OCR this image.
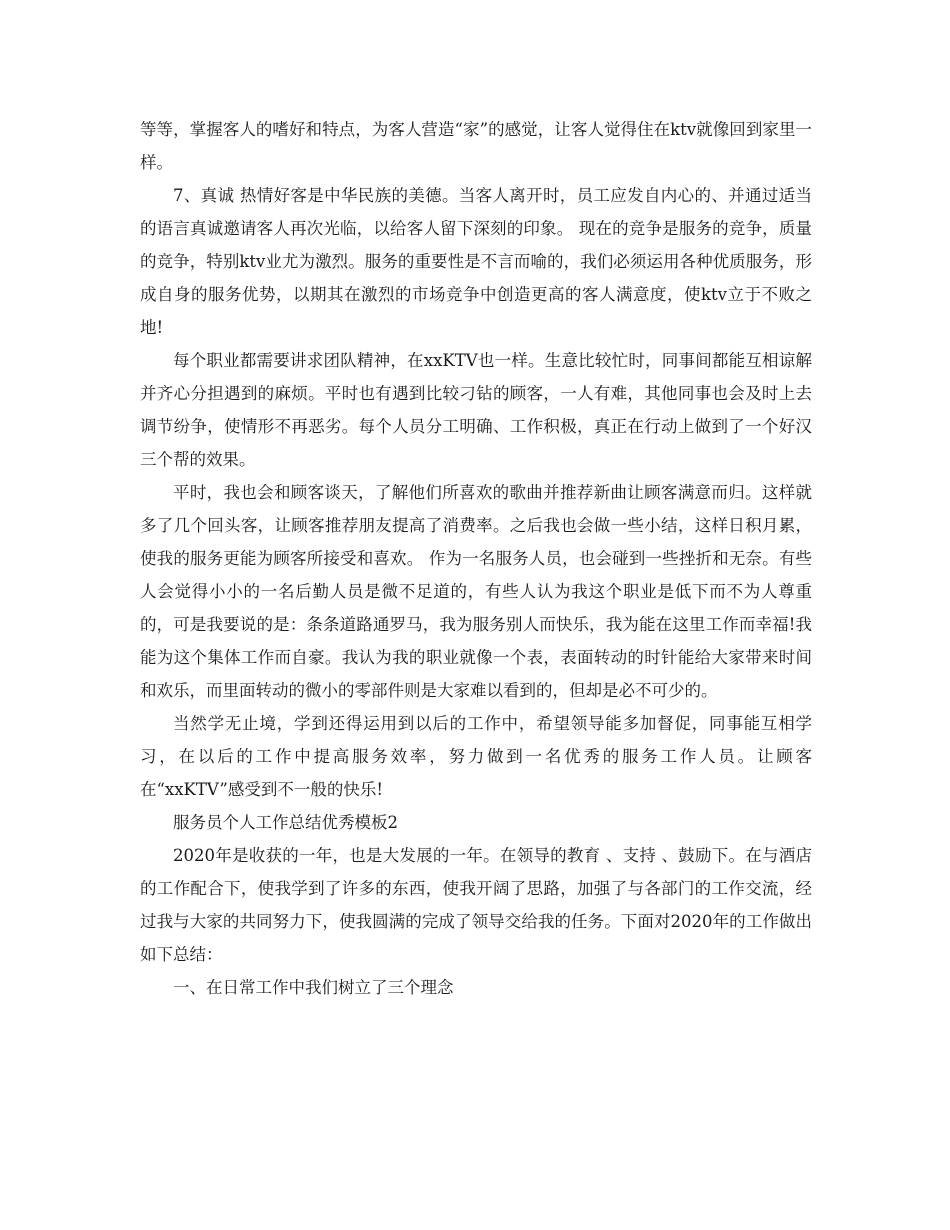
等等，掌握客人的嗜好和特点，为客人营造“家”的感觉，让客人觉得住在ktv就像回到家里一样。

7、真诚 热情好客是中华民族的美德。当客人离开时，员工应发自内心的、并通过适当的语言真诚邀请客人再次光临，以给客人留下深刻的印象。 现在的竞争是服务的竞争，质量的竞争，特别ktv业尤为激烈。服务的重要性是不言而喻的，我们必须运用各种优质服务，形成自身的服务优势，以期其在激烈的市场竞争中创造更高的客人满意度，使ktv立于不败之地!

每个职业都需要讲求团队精神，在xxKTV也一样。生意比较忙时，同事间都能互相谅解并齐心分担遇到的麻烦。平时也有遇到比较刁钻的顾客，一人有难，其他同事也会及时上去调节纷争，使情形不再恶劣。每个人员分工明确、工作积极，真正在行动上做到了一个好汉三个帮的效果。

平时，我也会和顾客谈天，了解他们所喜欢的歌曲并推荐新曲让顾客满意而归。这样就多了几个回头客，让顾客推荐朋友提高了消费率。之后我也会做一些小结，这样日积月累，使我的服务更能为顾客所接受和喜欢。 作为一名服务人员，也会碰到一些挫折和无奈。有些人会觉得小小的一名后勤人员是微不足道的，有些人认为我这个职业是低下而不为人尊重的，可是我要说的是：条条道路通罗马，我为服务别人而快乐，我为能在这里工作而幸福!我能为这个集体工作而自豪。我认为我的职业就像一个表，表面转动的时针能给大家带来时间和欢乐，而里面转动的微小的零部件则是大家难以看到的，但却是必不可少的。

当然学无止境，学到还得运用到以后的工作中，希望领导能多加督促，同事能互相学习，在以后的工作中提高服务效率，努力做到一名优秀的服务工作人员。让顾客在“xxKTV”感受到不一般的快乐!

服务员个人工作总结优秀模板2

2020年是收获的一年，也是大发展的一年。在领导的教育 、支持 、鼓励下。在与酒店的工作配合下，使我学到了许多的东西，使我开阔了思路，加强了与各部门的工作交流，经过我与大家的共同努力下，使我圆满的完成了领导交给我的任务。下面对2020年的工作做出如下总结：

一、在日常工作中我们树立了三个理念
